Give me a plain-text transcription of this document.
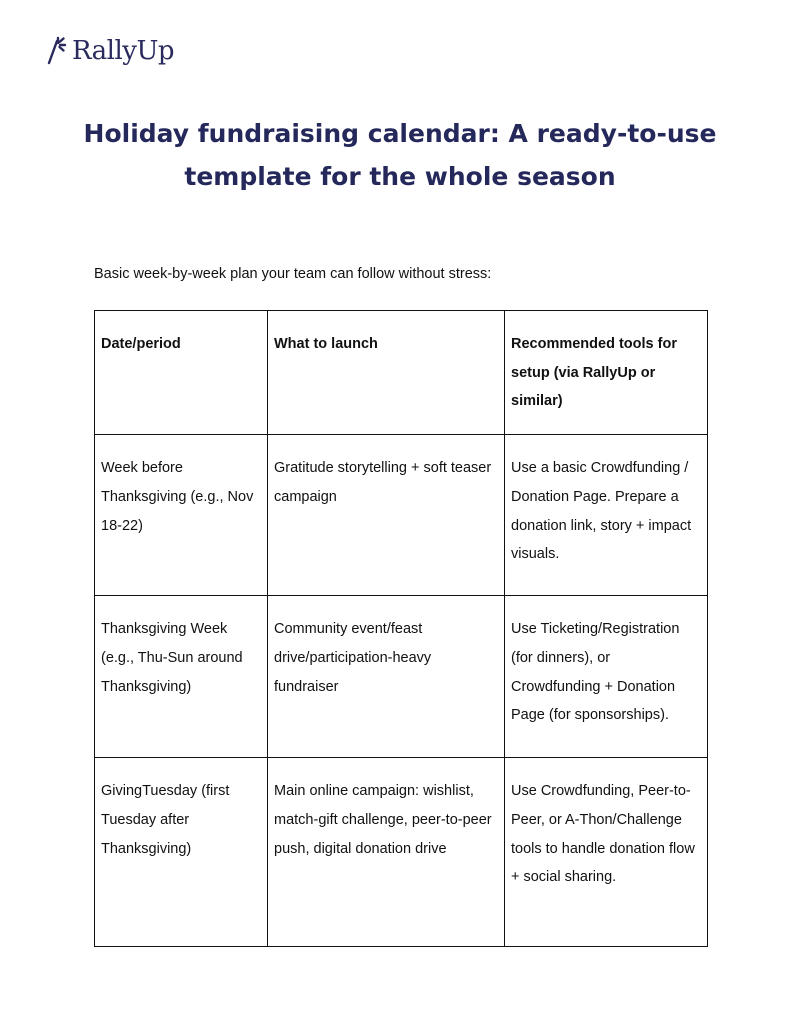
RallyUp
Holiday fundraising calendar: A ready-to-use
template for the whole season

Basic week-by-week plan your team can follow without stress:

Date/period	What to launch	Recommended tools for setup (via RallyUp or similar)
Week before Thanksgiving (e.g., Nov 18-22)	Gratitude storytelling + soft teaser campaign	Use a basic Crowdfunding / Donation Page. Prepare a donation link, story + impact visuals.
Thanksgiving Week (e.g., Thu-Sun around Thanksgiving)	Community event/feast drive/participation-heavy fundraiser	Use Ticketing/Registration (for dinners), or Crowdfunding + Donation Page (for sponsorships).
GivingTuesday (first Tuesday after Thanksgiving)	Main online campaign: wishlist, match-gift challenge, peer-to-peer push, digital donation drive	Use Crowdfunding, Peer-to-Peer, or A-Thon/Challenge tools to handle donation flow + social sharing.
